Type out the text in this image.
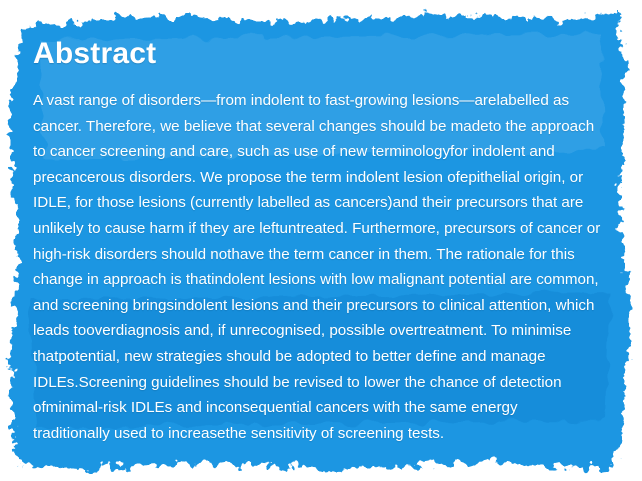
Abstract

A vast range of disorders—from indolent to fast-growing lesions—arelabelled as
cancer. Therefore, we believe that several changes should be madeto the approach
to cancer screening and care, such as use of new terminologyfor indolent and
precancerous disorders. We propose the term indolent lesion ofepithelial origin, or
IDLE, for those lesions (currently labelled as cancers)and their precursors that are
unlikely to cause harm if they are leftuntreated. Furthermore, precursors of cancer or
high-risk disorders should nothave the term cancer in them. The rationale for this
change in approach is thatindolent lesions with low malignant potential are common,
and screening bringsindolent lesions and their precursors to clinical attention, which
leads tooverdiagnosis and, if unrecognised, possible overtreatment. To minimise
thatpotential, new strategies should be adopted to better define and manage
IDLEs.Screening guidelines should be revised to lower the chance of detection
ofminimal-risk IDLEs and inconsequential cancers with the same energy
traditionally used to increasethe sensitivity of screening tests.
